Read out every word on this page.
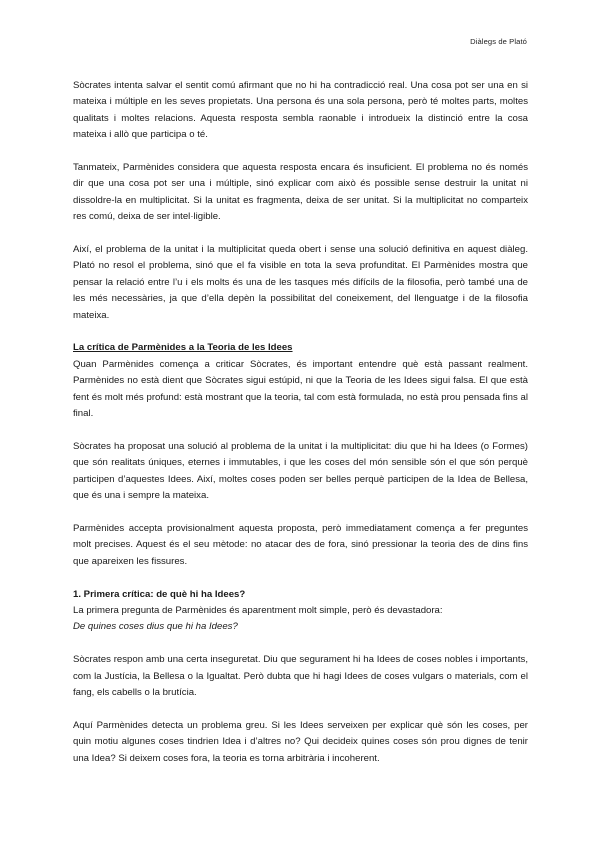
Diàlegs de Plató

Sòcrates intenta salvar el sentit comú afirmant que no hi ha contradicció real. Una cosa pot ser una en si mateixa i múltiple en les seves propietats. Una persona és una sola persona, però té moltes parts, moltes qualitats i moltes relacions. Aquesta resposta sembla raonable i introdueix la distinció entre la cosa mateixa i allò que participa o té.

Tanmateix, Parmènides considera que aquesta resposta encara és insuficient. El problema no és només dir que una cosa pot ser una i múltiple, sinó explicar com això és possible sense destruir la unitat ni dissoldre-la en multiplicitat. Si la unitat es fragmenta, deixa de ser unitat. Si la multiplicitat no comparteix res comú, deixa de ser intel·ligible.

Així, el problema de la unitat i la multiplicitat queda obert i sense una solució definitiva en aquest diàleg. Plató no resol el problema, sinó que el fa visible en tota la seva profunditat. El Parmènides mostra que pensar la relació entre l’u i els molts és una de les tasques més difícils de la filosofia, però també una de les més necessàries, ja que d’ella depèn la possibilitat del coneixement, del llenguatge i de la filosofia mateixa.

La crítica de Parmènides a la Teoria de les Idees

Quan Parmènides comença a criticar Sòcrates, és important entendre què està passant realment. Parmènides no està dient que Sòcrates sigui estúpid, ni que la Teoria de les Idees sigui falsa. El que està fent és molt més profund: està mostrant que la teoria, tal com està formulada, no està prou pensada fins al final.

Sòcrates ha proposat una solució al problema de la unitat i la multiplicitat: diu que hi ha Idees (o Formes) que són realitats úniques, eternes i immutables, i que les coses del món sensible són el que són perquè participen d’aquestes Idees. Així, moltes coses poden ser belles perquè participen de la Idea de Bellesa, que és una i sempre la mateixa.

Parmènides accepta provisionalment aquesta proposta, però immediatament comença a fer preguntes molt precises. Aquest és el seu mètode: no atacar des de fora, sinó pressionar la teoria des de dins fins que apareixen les fissures.

1. Primera crítica: de què hi ha Idees?
La primera pregunta de Parmènides és aparentment molt simple, però és devastadora:
De quines coses dius que hi ha Idees?

Sòcrates respon amb una certa inseguretat. Diu que segurament hi ha Idees de coses nobles i importants, com la Justícia, la Bellesa o la Igualtat. Però dubta que hi hagi Idees de coses vulgars o materials, com el fang, els cabells o la brutícia.

Aquí Parmènides detecta un problema greu. Si les Idees serveixen per explicar què són les coses, per quin motiu algunes coses tindrien Idea i d’altres no? Qui decideix quines coses són prou dignes de tenir una Idea? Si deixem coses fora, la teoria es torna arbitrària i incoherent.
